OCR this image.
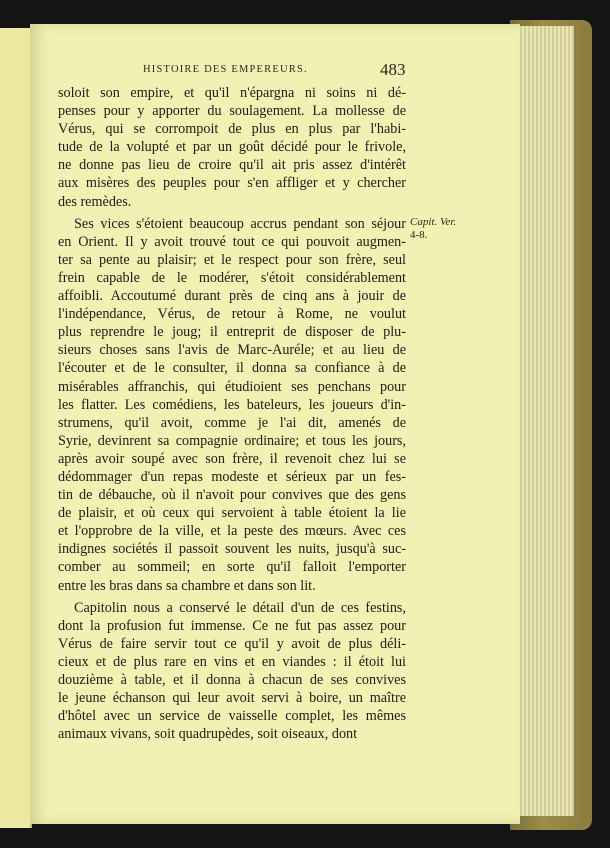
HISTOIRE DES EMPEREURS.	483
Capit. Ver.
4-8.
soloit son empire, et qu'il n'épargna ni soins ni dé-
penses pour y apporter du soulagement. La mollesse de
Vérus, qui se corrompoit de plus en plus par l'habi-
tude de la volupté et par un goût décidé pour le frivole,
ne donne pas lieu de croire qu'il ait pris assez d'intérêt
aux misères des peuples pour s'en affliger et y chercher
des remèdes.
Ses vices s'étoient beaucoup accrus pendant son séjour
en Orient. Il y avoit trouvé tout ce qui pouvoit augmen-
ter sa pente au plaisir; et le respect pour son frère, seul
frein capable de le modérer, s'étoit considérablement
affoibli. Accoutumé durant près de cinq ans à jouir de
l'indépendance, Vérus, de retour à Rome, ne voulut
plus reprendre le joug; il entreprit de disposer de plu-
sieurs choses sans l'avis de Marc-Auréle; et au lieu de
l'écouter et de le consulter, il donna sa confiance à de
misérables affranchis, qui étudioient ses penchans pour
les flatter. Les comédiens, les bateleurs, les joueurs d'in-
strumens, qu'il avoit, comme je l'ai dit, amenés de
Syrie, devinrent sa compagnie ordinaire; et tous les jours,
après avoir soupé avec son frère, il revenoit chez lui se
dédommager d'un repas modeste et sérieux par un fes-
tin de débauche, où il n'avoit pour convives que des gens
de plaisir, et où ceux qui servoient à table étoient la lie
et l'opprobre de la ville, et la peste des mœurs. Avec ces
indignes sociétés il passoit souvent les nuits, jusqu'à suc-
comber au sommeil; en sorte qu'il falloit l'emporter
entre les bras dans sa chambre et dans son lit.
Capitolin nous a conservé le détail d'un de ces festins,
dont la profusion fut immense. Ce ne fut pas assez pour
Vérus de faire servir tout ce qu'il y avoit de plus déli-
cieux et de plus rare en vins et en viandes : il étoit lui
douzième à table, et il donna à chacun de ses convives
le jeune échanson qui leur avoit servi à boire, un maître
d'hôtel avec un service de vaisselle complet, les mêmes
animaux vivans, soit quadrupèdes, soit oiseaux, dont
